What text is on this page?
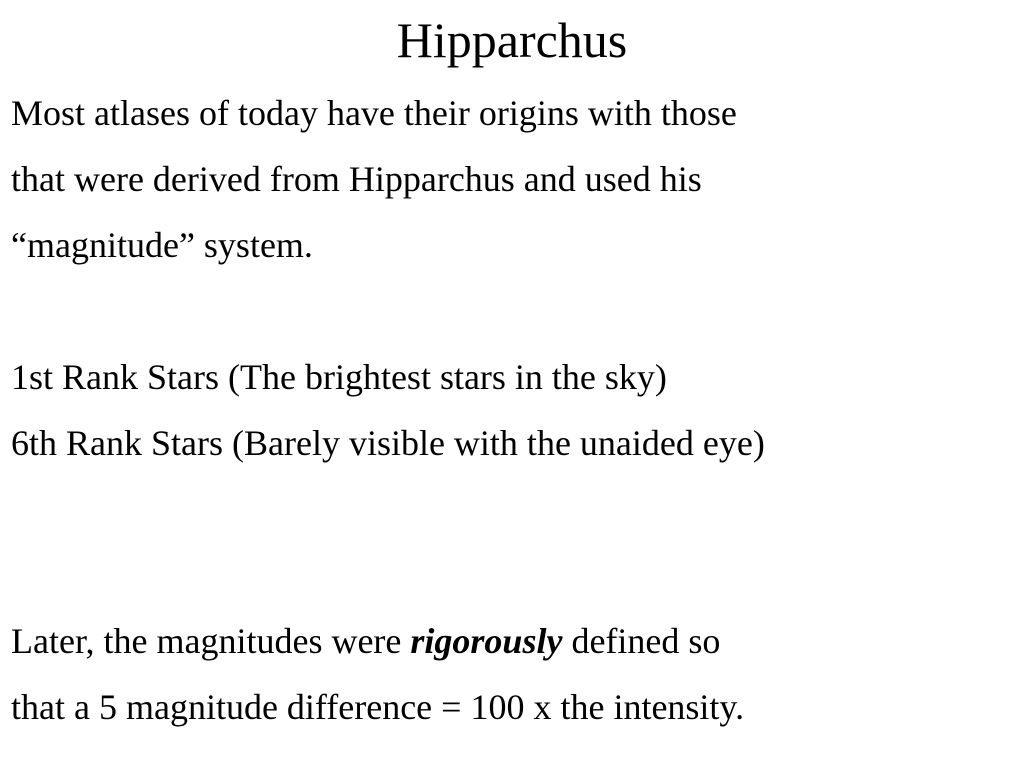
Hipparchus

Most atlases of today have their origins with those
that were derived from Hipparchus and used his
“magnitude” system.

1st Rank Stars (The brightest stars in the sky)
6th Rank Stars (Barely visible with the unaided eye)

Later, the magnitudes were rigorously defined so
that a 5 magnitude difference = 100 x the intensity.
